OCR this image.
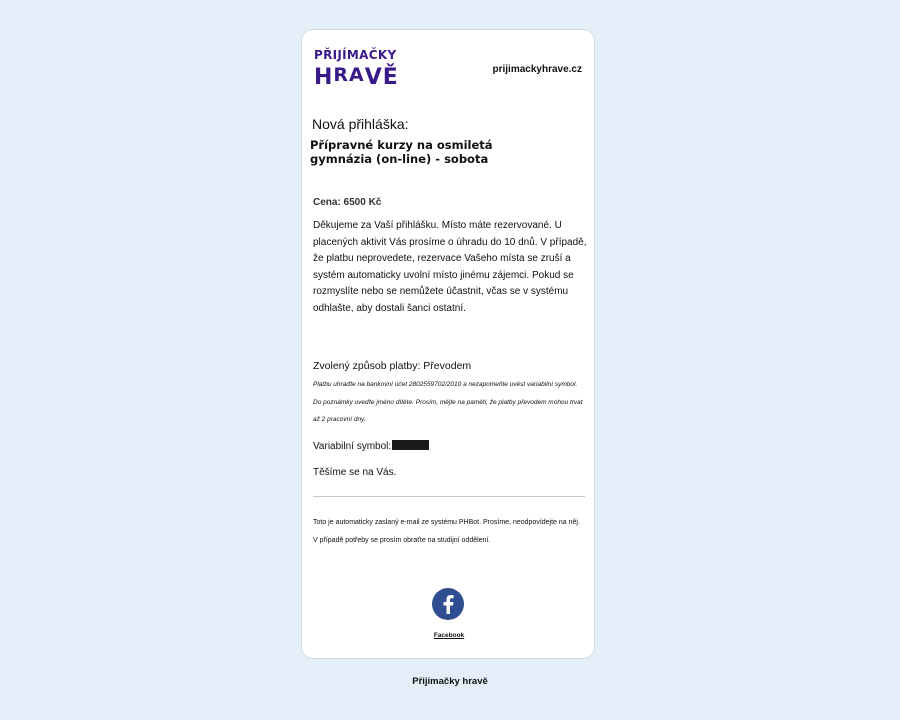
PŘIJÍMAČKY
HRAVĚ	prijimackyhrave.cz
Nová přihláška:
Přípravné kurzy na osmiletá gymnázia (on-line) - sobota
Cena: 6500 Kč
Děkujeme za Vaší přihlášku. Místo máte rezervované. U placených aktivit Vás prosíme o úhradu do 10 dnů. V případě, že platbu neprovedete, rezervace Vašeho místa se zruší a systém automaticky uvolní místo jinému zájemci. Pokud se rozmyslíte nebo se nemůžete účastnit, včas se v systému odhlašte, aby dostali šanci ostatní.
Zvolený způsob platby: Převodem
Platbu uhraďte na bankovní účet 2802559702/2010 a nezapomeňte uvést variabilní symbol. Do poznámky uveďte jméno dítěte. Prosím, mějte na paměti, že platby převodem mohou trvat až 2 pracovní dny.
Variabilní symbol:
Těšíme se na Vás.
Toto je automaticky zaslaný e-mail ze systému PHBot. Prosíme, neodpovídejte na něj. V případě potřeby se prosím obraťte na studijní oddělení.
Facebook
Přijímačky hravě
